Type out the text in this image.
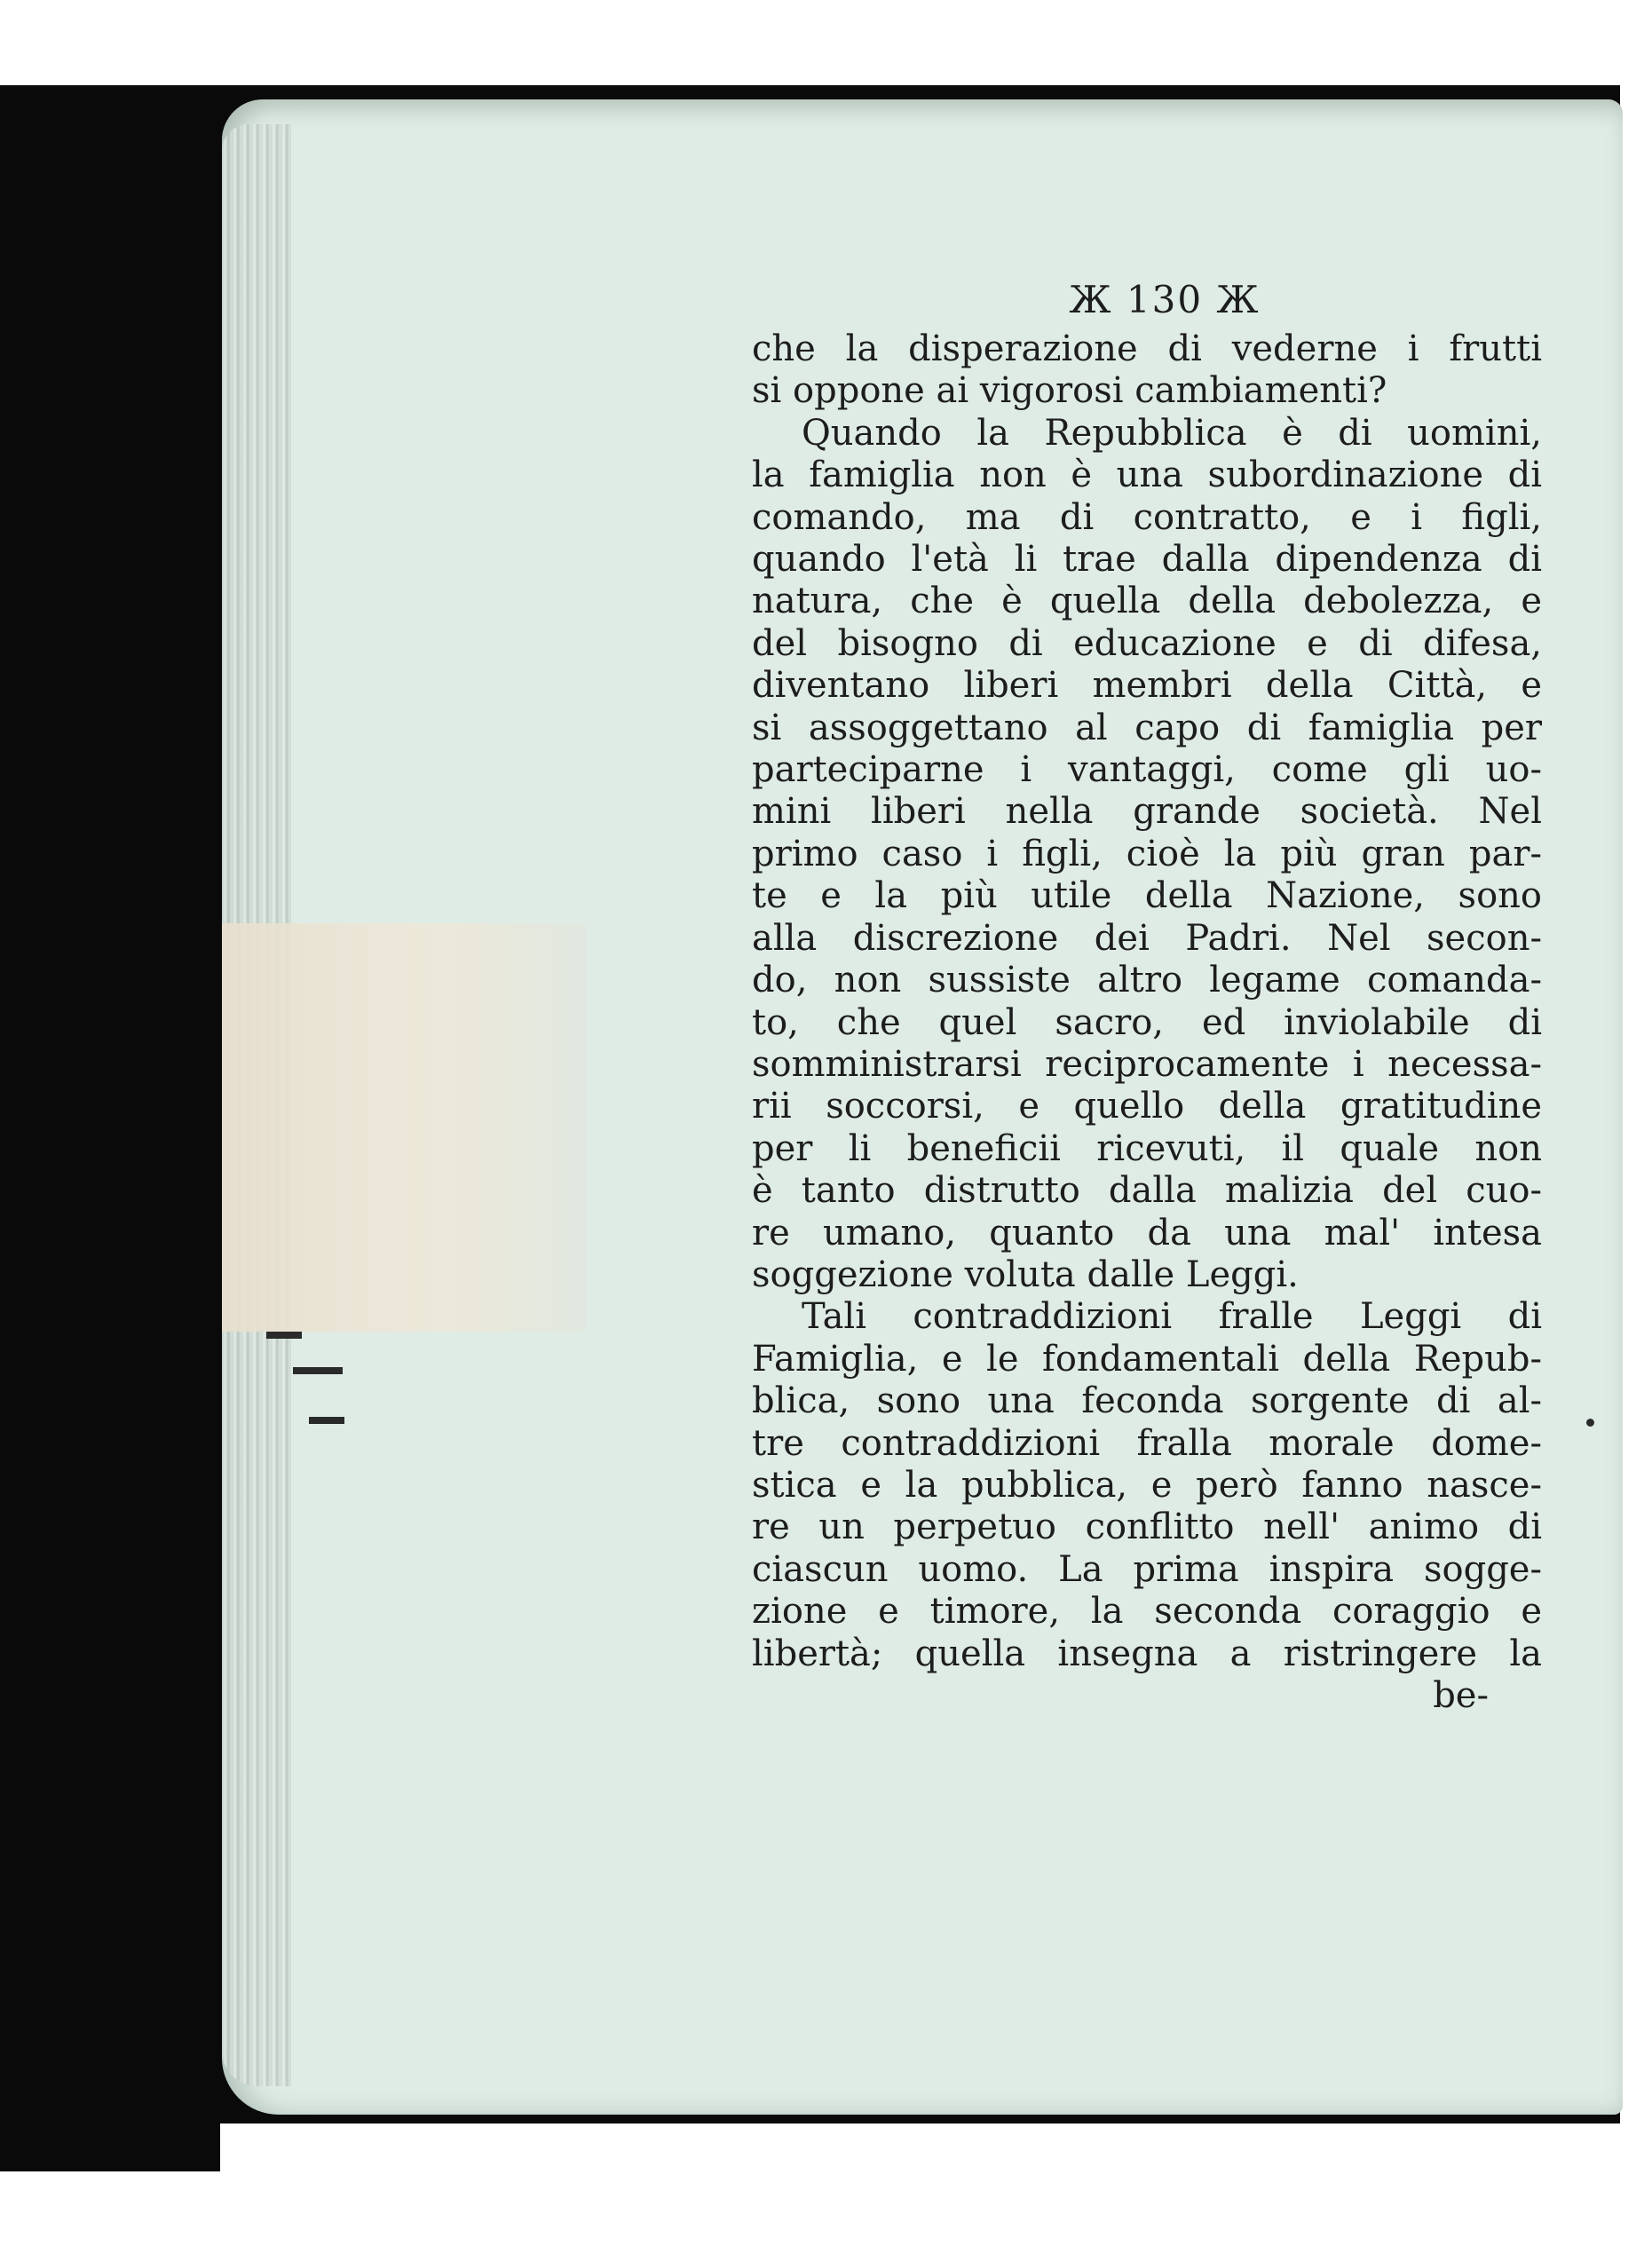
Ж 130 Ж
che la disperazione di vederne i frutti
si oppone ai vigorosi cambiamenti?
Quando la Repubblica è di uomini,
la famiglia non è una subordinazione di
comando, ma di contratto, e i figli,
quando l'età li trae dalla dipendenza di
natura, che è quella della debolezza, e
del bisogno di educazione e di difesa,
diventano liberi membri della Città, e
si assoggettano al capo di famiglia per
parteciparne i vantaggi, come gli uo-
mini liberi nella grande società. Nel
primo caso i figli, cioè la più gran par-
te e la più utile della Nazione, sono
alla discrezione dei Padri. Nel secon-
do, non sussiste altro legame comanda-
to, che quel sacro, ed inviolabile di
somministrarsi reciprocamente i necessa-
rii soccorsi, e quello della gratitudine
per li beneficii ricevuti, il quale non
è tanto distrutto dalla malizia del cuo-
re umano, quanto da una mal' intesa
soggezione voluta dalle Leggi.
Tali contraddizioni fralle Leggi di
Famiglia, e le fondamentali della Repub-
blica, sono una feconda sorgente di al-
tre contraddizioni fralla morale dome-
stica e la pubblica, e però fanno nasce-
re un perpetuo conflitto nell' animo di
ciascun uomo. La prima inspira sogge-
zione e timore, la seconda coraggio e
libertà; quella insegna a ristringere la
be-
